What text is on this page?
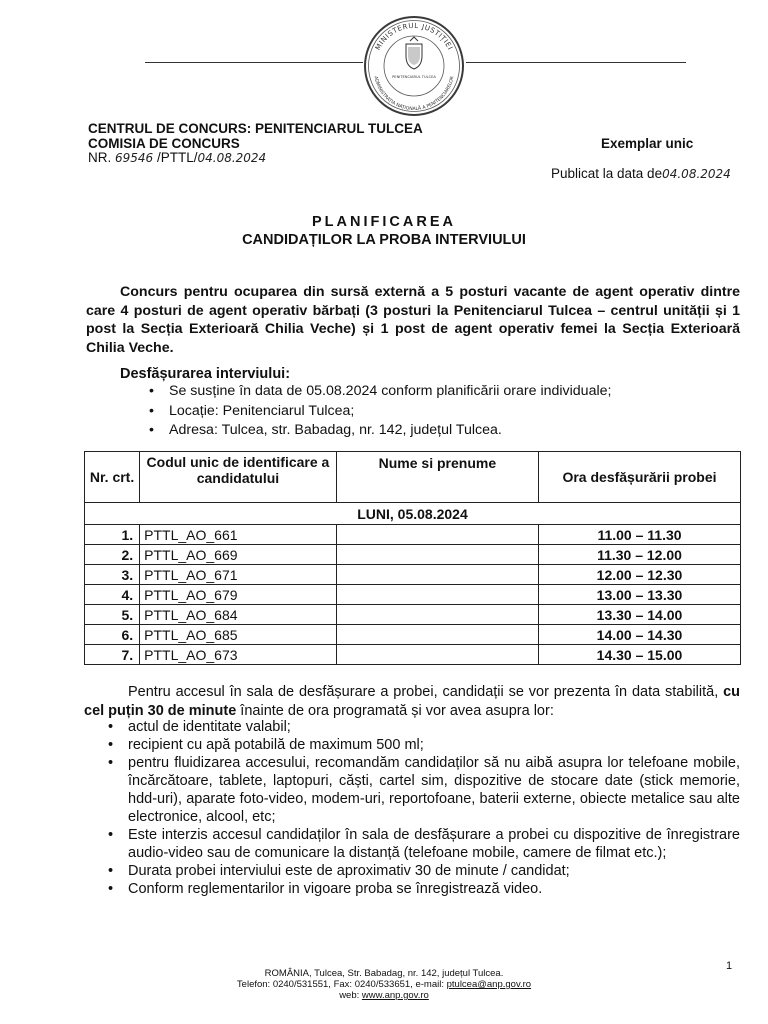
MINISTERUL JUSTIȚIEI
ADMINISTRAȚIA NAȚIONALĂ A PENITENCIARELOR
PENITENCIARUL TULCEA
CENTRUL DE CONCURS: PENITENCIARUL TULCEA
COMISIA DE CONCURS
NR. 69546 /PTTL/04.08.2024
Exemplar unic
Publicat la data de04.08.2024
PLANIFICAREA
CANDIDAȚILOR LA PROBA INTERVIULUI
Concurs pentru ocuparea din sursă externă a 5 posturi vacante de agent operativ dintre care 4 posturi de agent operativ bărbați (3 posturi la Penitenciarul Tulcea – centrul unității și 1 post la Secția Exterioară Chilia Veche) și 1 post de agent operativ femei la Secția Exterioară Chilia Veche.
Desfășurarea interviului:
• Se susține în data de 05.08.2024 conform planificării orare individuale;
• Locație: Penitenciarul Tulcea;
• Adresa: Tulcea, str. Babadag, nr. 142, județul Tulcea.
Nr. crt.	Codul unic de identificare a candidatului	Nume si prenume	Ora desfășurării probei
LUNI, 05.08.2024			
1.	PTTL_AO_661		11.00 – 11.30
2.	PTTL_AO_669		11.30 – 12.00
3.	PTTL_AO_671		12.00 – 12.30
4.	PTTL_AO_679		13.00 – 13.30
5.	PTTL_AO_684		13.30 – 14.00
6.	PTTL_AO_685		14.00 – 14.30
7.	PTTL_AO_673		14.30 – 15.00
Pentru accesul în sala de desfășurare a probei, candidații se vor prezenta în data stabilită, cu cel puțin 30 de minute înainte de ora programată și vor avea asupra lor:
• actul de identitate valabil;
• recipient cu apă potabilă de maximum 500 ml;
• pentru fluidizarea accesului, recomandăm candidaților să nu aibă asupra lor telefoane mobile, încărcătoare, tablete, laptopuri, căști, cartel sim, dispozitive de stocare date (stick memorie, hdd-uri), aparate foto-video, modem-uri, reportofoane, baterii externe, obiecte metalice sau alte electronice, alcool, etc;
• Este interzis accesul candidaților în sala de desfășurare a probei cu dispozitive de înregistrare audio-video sau de comunicare la distanță (telefoane mobile, camere de filmat etc.);
• Durata probei interviului este de aproximativ 30 de minute / candidat;
• Conform reglementarilor in vigoare proba se înregistrează video.
ROMÂNIA, Tulcea, Str. Babadag, nr. 142, județul Tulcea.
Telefon: 0240/531551, Fax: 0240/533651, e-mail: ptulcea@anp.gov.ro
web: www.anp.gov.ro
1
